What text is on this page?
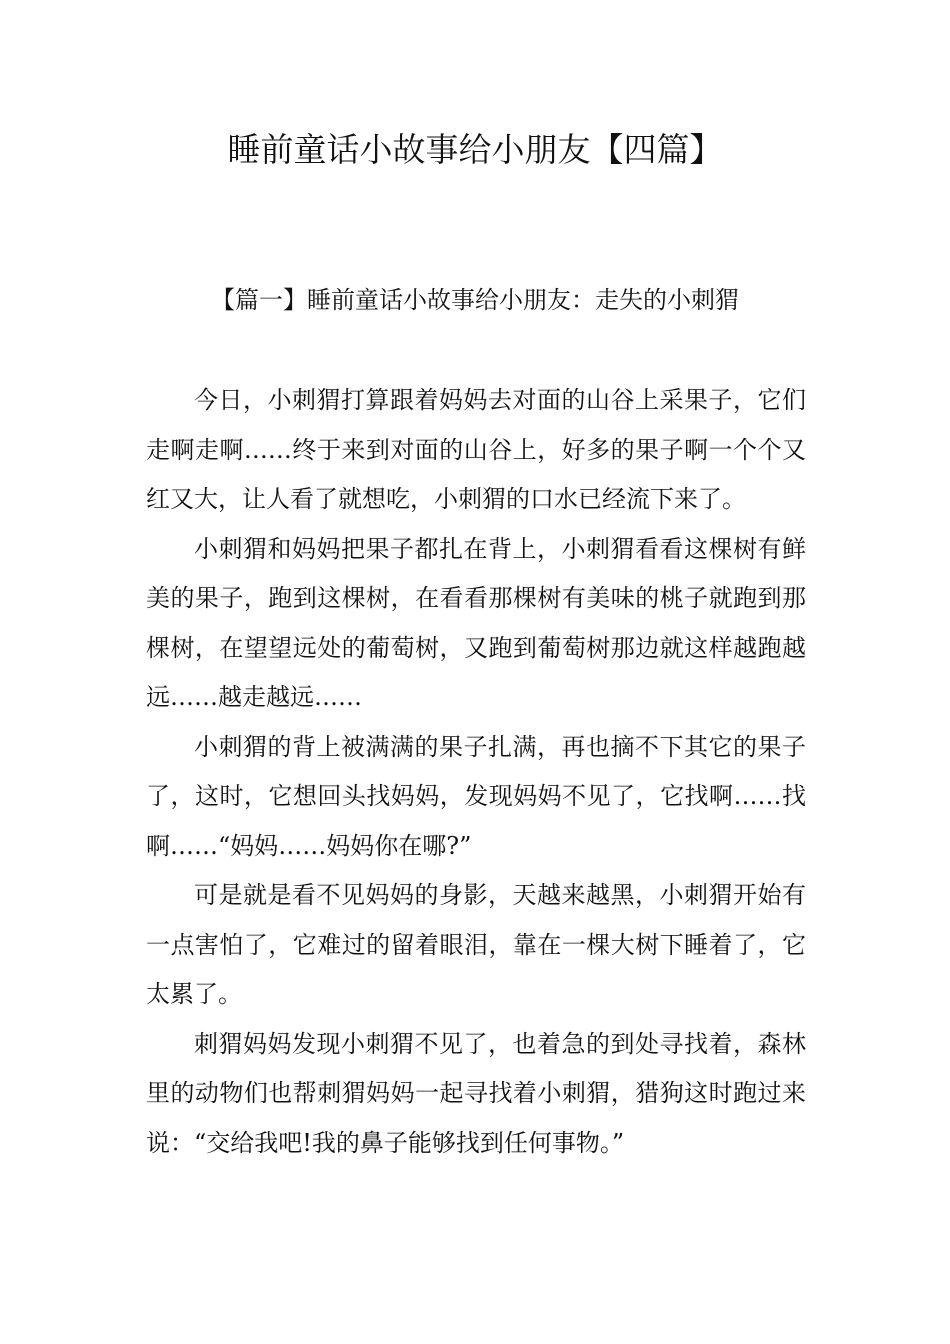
睡前童话小故事给小朋友【四篇】
【篇一】睡前童话小故事给小朋友：走失的小刺猬

今日，小刺猬打算跟着妈妈去对面的山谷上采果子，它们走啊走啊……终于来到对面的山谷上，好多的果子啊一个个又红又大，让人看了就想吃，小刺猬的口水已经流下来了。

小刺猬和妈妈把果子都扎在背上，小刺猬看看这棵树有鲜美的果子，跑到这棵树，在看看那棵树有美味的桃子就跑到那棵树，在望望远处的葡萄树，又跑到葡萄树那边就这样越跑越远……越走越远……

小刺猬的背上被满满的果子扎满，再也摘不下其它的果子了，这时，它想回头找妈妈，发现妈妈不见了，它找啊……找啊……“妈妈……妈妈你在哪?”

可是就是看不见妈妈的身影，天越来越黑，小刺猬开始有一点害怕了，它难过的留着眼泪，靠在一棵大树下睡着了，它太累了。

刺猬妈妈发现小刺猬不见了，也着急的到处寻找着，森林里的动物们也帮刺猬妈妈一起寻找着小刺猬，猎狗这时跑过来说：“交给我吧!我的鼻子能够找到任何事物。”
